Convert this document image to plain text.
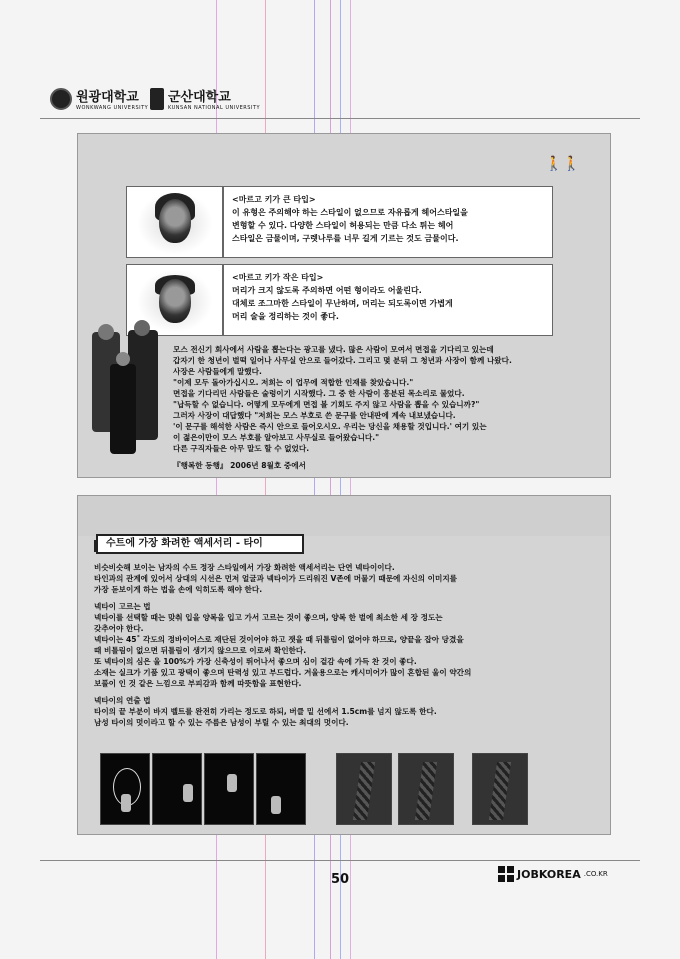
원광대학교
WONKWANG UNIVERSITY
군산대학교
KUNSAN NATIONAL UNIVERSITY
🚶🚶
<마르고 키가 큰 타입>
이 유형은 주의해야 하는 스타일이 없으므로 자유롭게 헤어스타일을
변형할 수 있다. 다양한 스타일이 허용되는 만큼 다소 튀는 헤어
스타일은 금물이며, 구렛나루를 너무 길게 기르는 것도 금물이다.
<마르고 키가 작은 타입>
머리가 크지 않도록 주의하면 어떤 형이라도 어울린다.
대체로 조그마한 스타일이 무난하며, 머리는 되도록이면 가볍게
머리 술을 정리하는 것이 좋다.

모스 전신기 회사에서 사람을 뽑는다는 광고를 냈다. 많은 사람이 모여서 면접을 기다리고 있는데

갑자기 한 청년이 벌떡 일어나 사무실 안으로 들어갔다. 그리고 몇 분뒤 그 청년과 사장이 함께 나왔다.

사장은 사람들에게 말했다.

"이제 모두 돌아가십시오. 저희는 이 업무에 적합한 인재를 찾았습니다."

면접을 기다리던 사람들은 술렁이기 시작했다. 그 중 한 사람이 흥분된 목소리로 물었다.

"납득할 수 없습니다. 어떻게 모두에게 면접 볼 기회도 주지 않고 사람을 뽑을 수 있습니까?"

그러자 사장이 대답했다 "저희는 모스 부호로 쓴 문구를 안내판에 계속 내보냈습니다.

'이 문구를 해석한 사람은 즉시 안으로 들어오시오. 우리는 당신을 채용할 것입니다.' 여기 있는

이 젊은이만이 모스 부호를 알아보고 사무실로 들어왔습니다."

다른 구직자들은 아무 말도 할 수 없었다.

『행복한 동행』 2006년 8월호 중에서

수트에 가장 화려한 액세서리 - 타이

비슷비슷해 보이는 남자의 수트 정장 스타일에서 가장 화려한 액세서리는 단연 넥타이이다.

타인과의 관계에 있어서 상대의 시선은 먼저 얼굴과 넥타이가 드리워진 V존에 머물기 때문에 자신의 이미지를

가장 돋보이게 하는 법을 손에 익히도록 해야 한다.

넥타이 고르는 법

넥타이를 선택할 때는 맞춰 입을 양복을 입고 가서 고르는 것이 좋으며, 양복 한 벌에 최소한 세 장 정도는

갖추어야 한다.

넥타이는 45˚ 각도의 정바이어스로 재단된 것이어야 하고 잿을 때 뒤틀림이 없어야 하므로, 양끝을 잡아 당겼을

때 비틀림이 없으면 뒤틀림이 생기지 않으므로 이로써 확인한다.

또 넥타이의 심은 울 100%가 가장 신축성이 뛰어나서 좋으며 심이 겉감 속에 가득 찬 것이 좋다.

소재는 실크가 기품 있고 광택이 좋으며 탄력성 있고 부드럽다. 겨울용으로는 캐시미어가 많이 혼합된 울이 약간의

보풀이 인 것 같은 느낌으로 부피감과 함께 따뜻함을 표현한다.

넥타이의 연출 법

타이의 끝 부분이 바지 벨트를 완전히 가리는 정도로 하되, 버클 밑 선에서 1.5cm를 넘지 않도록 한다.

남성 타이의 멋이라고 할 수 있는 주름은 남성이 부릴 수 있는 최대의 멋이다.

50	JOBKOREA .CO.KR
